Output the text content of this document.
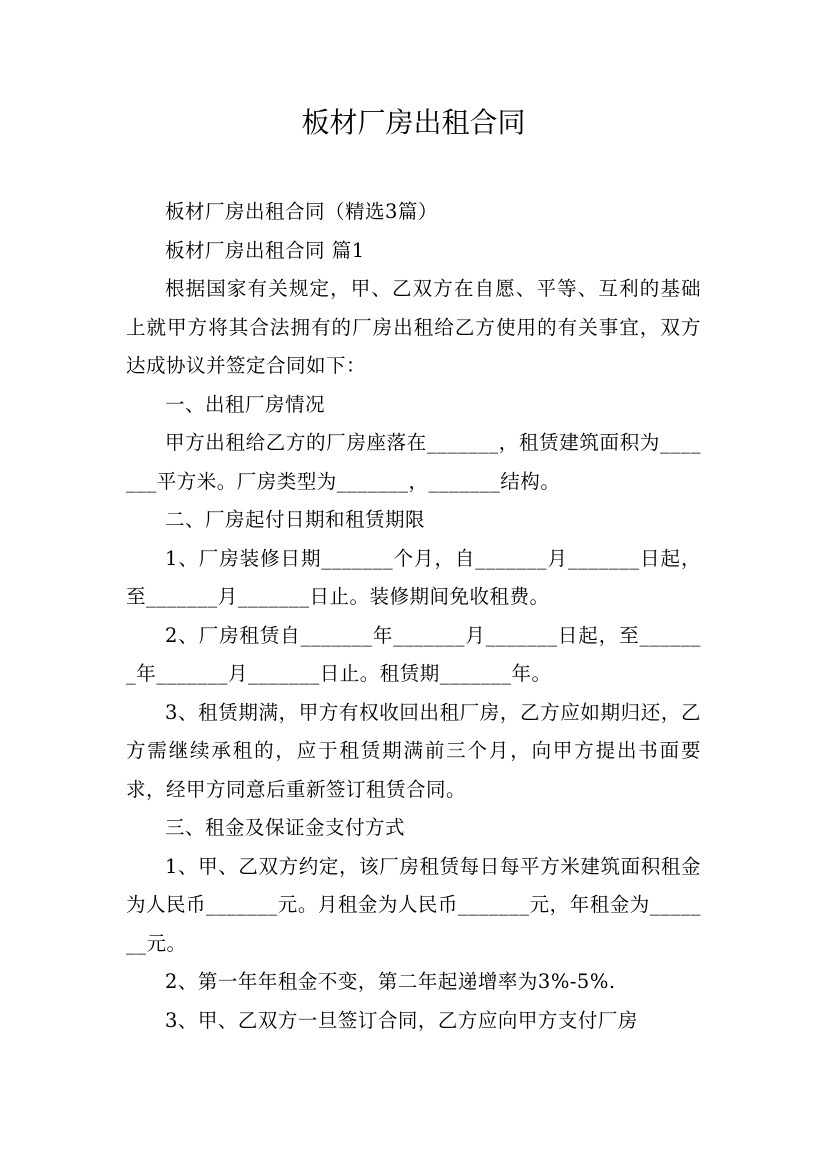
板材厂房出租合同

板材厂房出租合同（精选3篇）

板材厂房出租合同 篇1

根据国家有关规定，甲、乙双方在自愿、平等、互利的基础上就甲方将其合法拥有的厂房出租给乙方使用的有关事宜，双方达成协议并签定合同如下：

一、出租厂房情况

甲方出租给乙方的厂房座落在_______，租赁建筑面积为_______平方米。厂房类型为_______，_______结构。

二、厂房起付日期和租赁期限

1、厂房装修日期_______个月，自_______月_______日起，至_______月_______日止。装修期间免收租费。

2、厂房租赁自_______年_______月_______日起，至_______年_______月_______日止。租赁期_______年。

3、租赁期满，甲方有权收回出租厂房，乙方应如期归还，乙方需继续承租的，应于租赁期满前三个月，向甲方提出书面要求，经甲方同意后重新签订租赁合同。

三、租金及保证金支付方式

1、甲、乙双方约定，该厂房租赁每日每平方米建筑面积租金为人民币_______元。月租金为人民币_______元，年租金为_______元。

2、第一年年租金不变，第二年起递增率为3%-5%.

3、甲、乙双方一旦签订合同，乙方应向甲方支付厂房
